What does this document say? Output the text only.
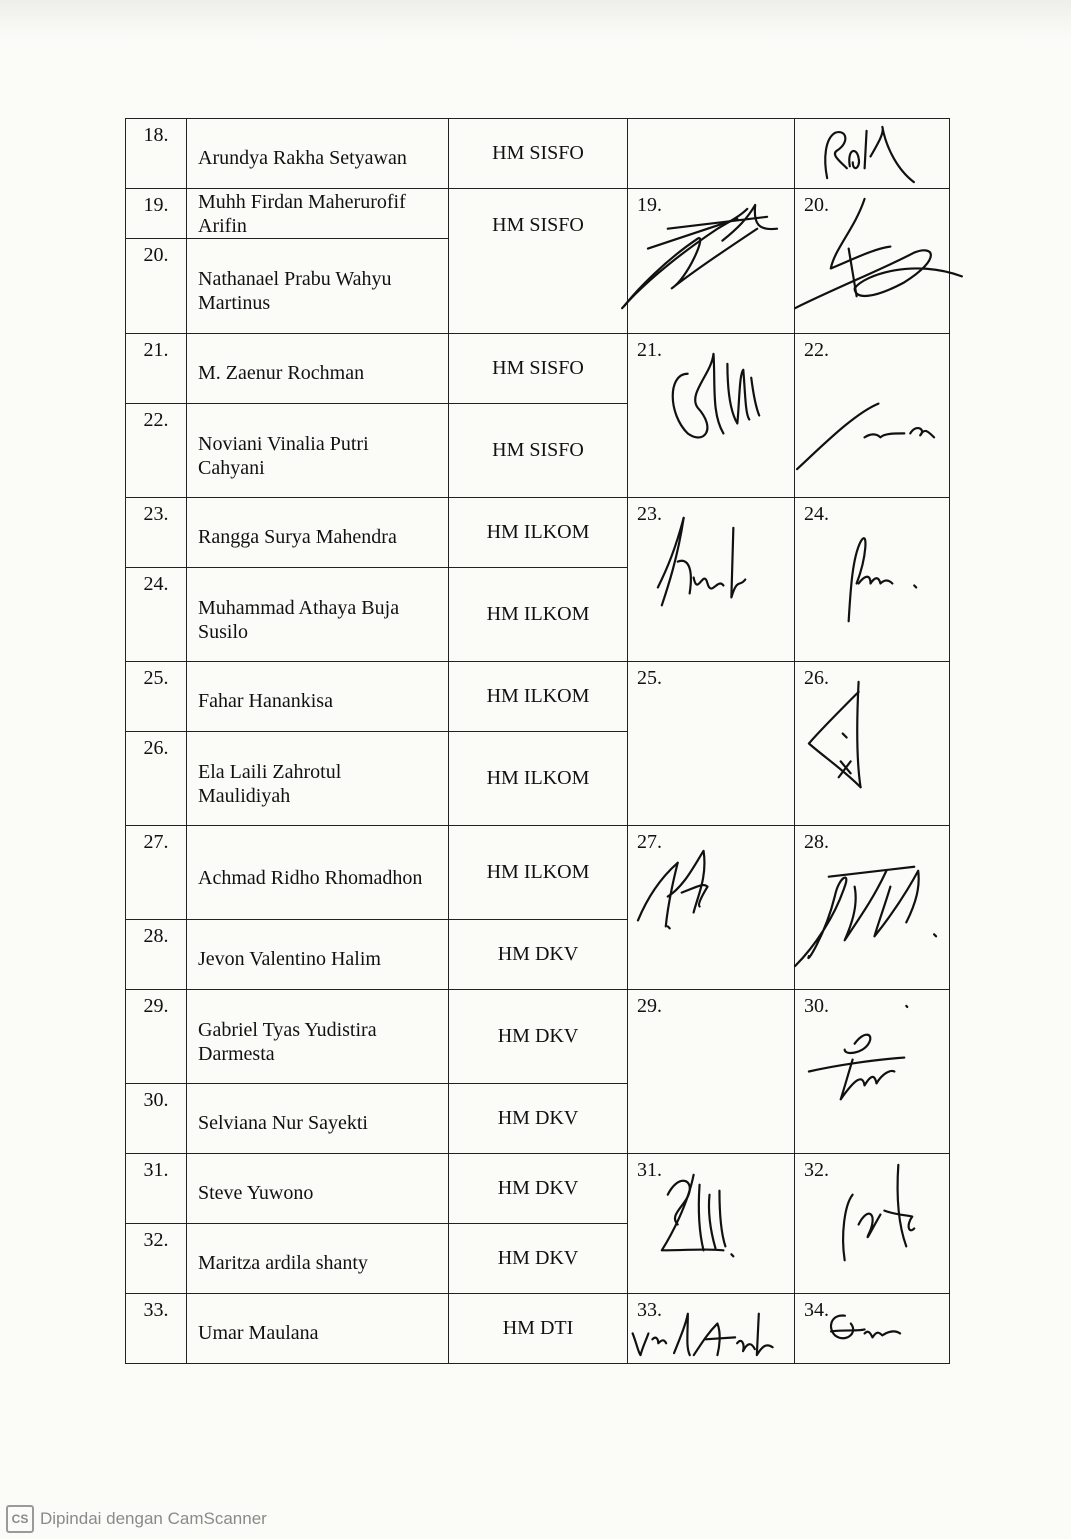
18.	Arundya Rakha Setyawan	HM SISFO		

19.	Muhh Firdan Maherurofif Arifin	HM SISFO	19.	20.

20.	Nathanael Prabu Wahyu Martinus			
21.	M. Zaenur Rochman	HM SISFO	21.	22.

22.	Noviani Vinalia Putri Cahyani	HM SISFO		
23.	Rangga Surya Mahendra	HM ILKOM	23.	24.

24.	Muhammad Athaya Buja Susilo	HM ILKOM		
25.	Fahar Hanankisa	HM ILKOM	25.	26.

26.	Ela Laili Zahrotul Maulidiyah	HM ILKOM		
27.	Achmad Ridho Rhomadhon	HM ILKOM	27.	28.

28.	Jevon Valentino Halim	HM DKV		
29.	Gabriel Tyas Yudistira Darmesta	HM DKV	29.	30.

30.	Selviana Nur Sayekti	HM DKV		
31.	Steve Yuwono	HM DKV	31.	32.

32.	Maritza ardila shanty	HM DKV		
33.	Umar Maulana	HM DTI	33.	34.
CS Dipindai dengan CamScanner
